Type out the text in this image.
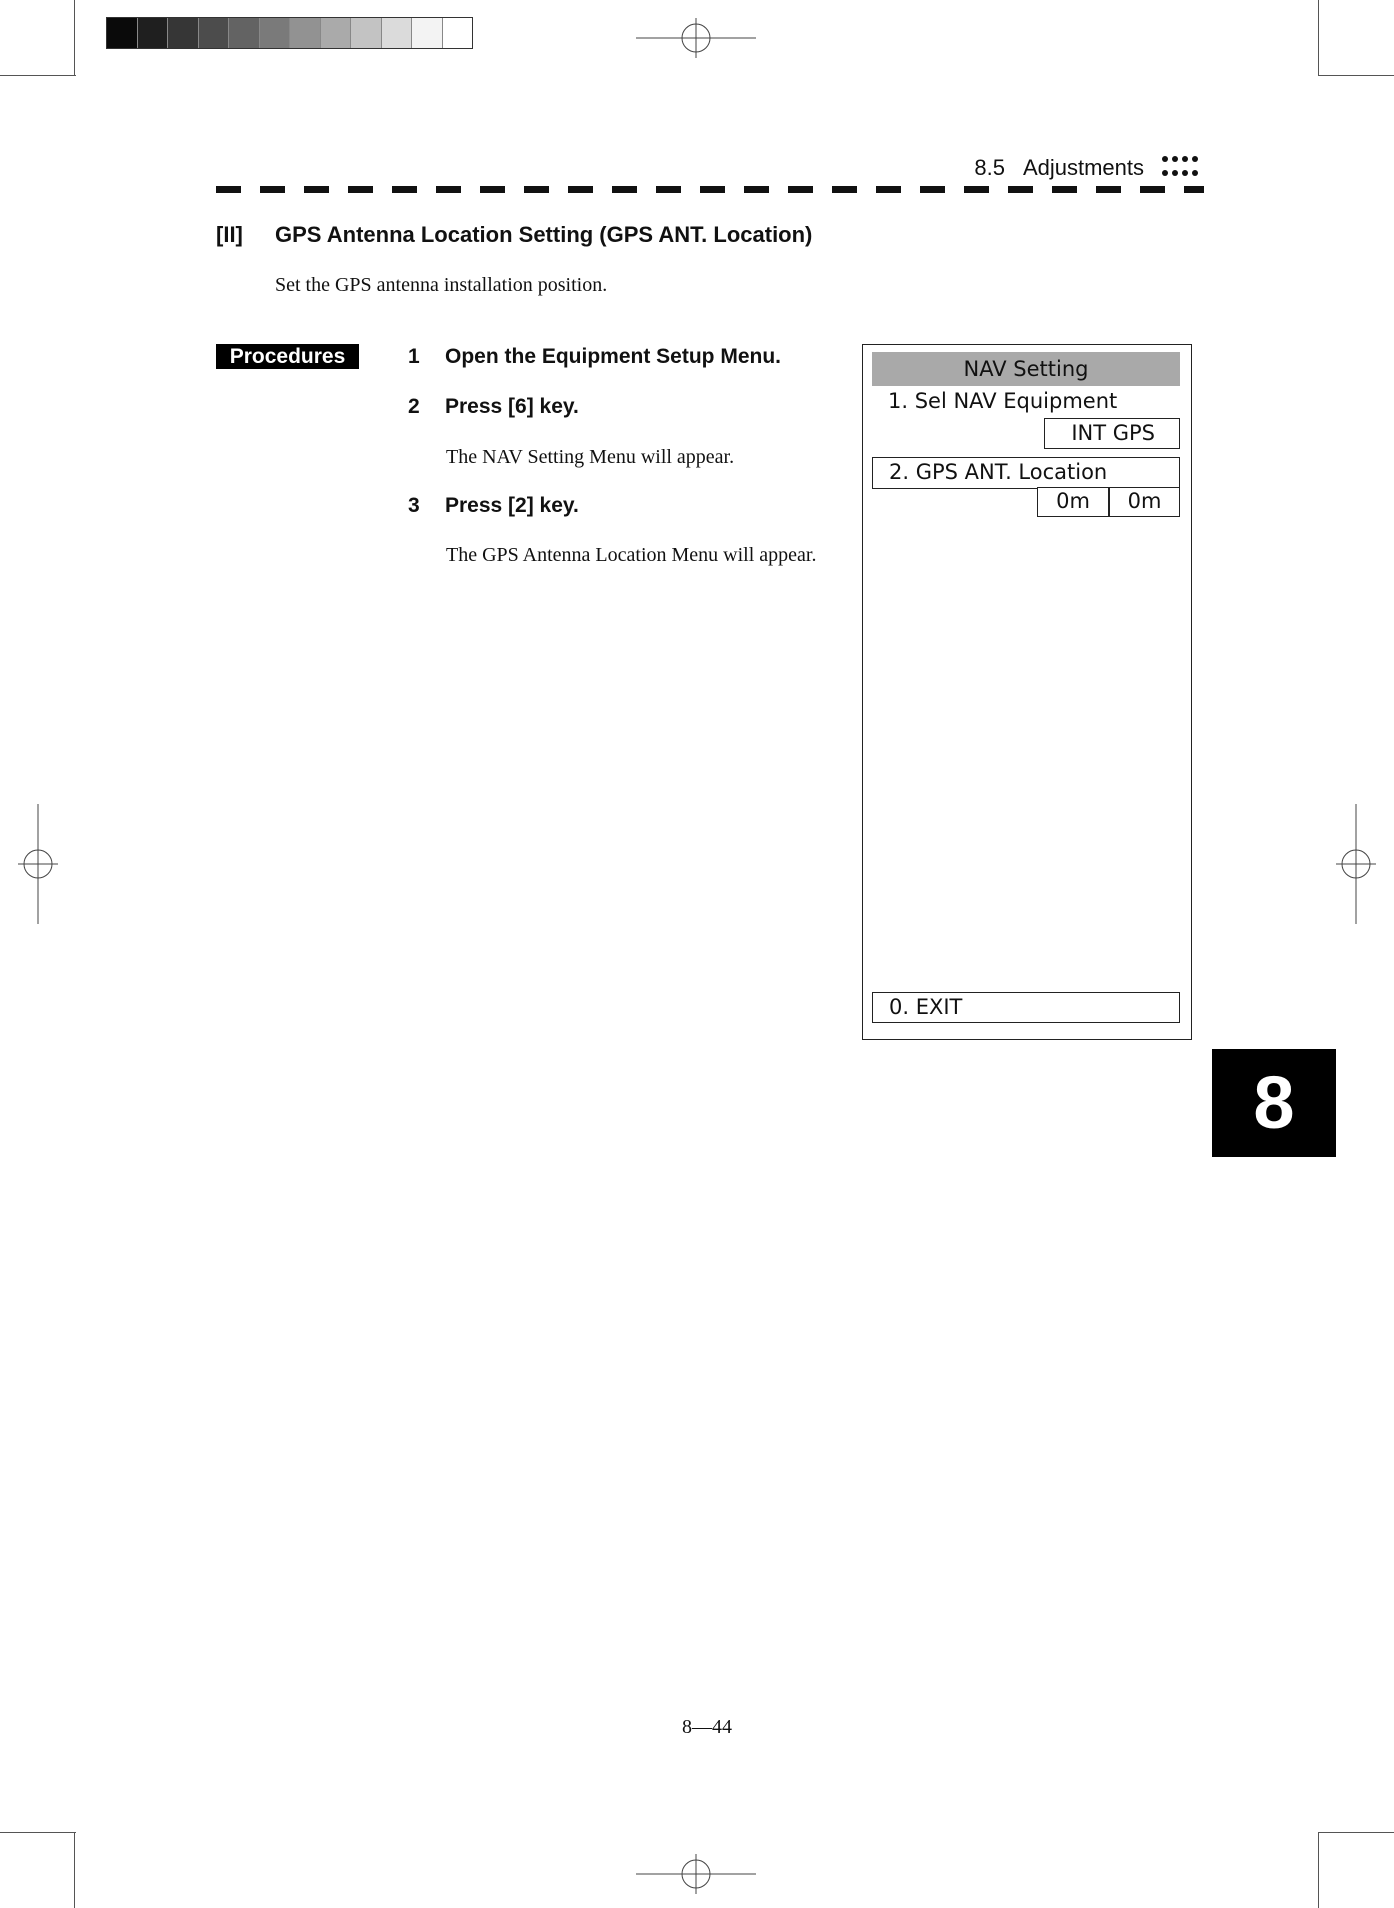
8.5 Adjustments
[II] GPS Antenna Location Setting (GPS ANT. Location)
Set the GPS antenna installation position.
Procedures	1 Open the Equipment Setup Menu.
2 Press [6] key.
The NAV Setting Menu will appear.
3 Press [2] key.
The GPS Antenna Location Menu will appear.
NAV Setting
1. Sel NAV Equipment
INT GPS
2. GPS ANT. Location
0m	0m
0. EXIT
8
8—44
